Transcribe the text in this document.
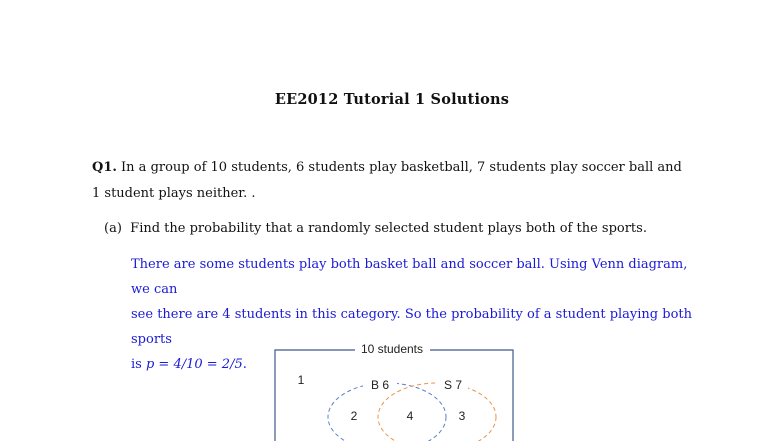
EE2012 Tutorial 1 Solutions
Q1. In a group of 10 students, 6 students play basketball, 7 students play soccer ball and 1 student plays neither. .
(a) Find the probability that a randomly selected student plays both of the sports.
There are some students play both basket ball and soccer ball. Using Venn diagram, we can
see there are 4 students in this category. So the probability of a student playing both sports
is p = 4/10 = 2/5.
10 students
1	B 6	S 7
2	4	3
